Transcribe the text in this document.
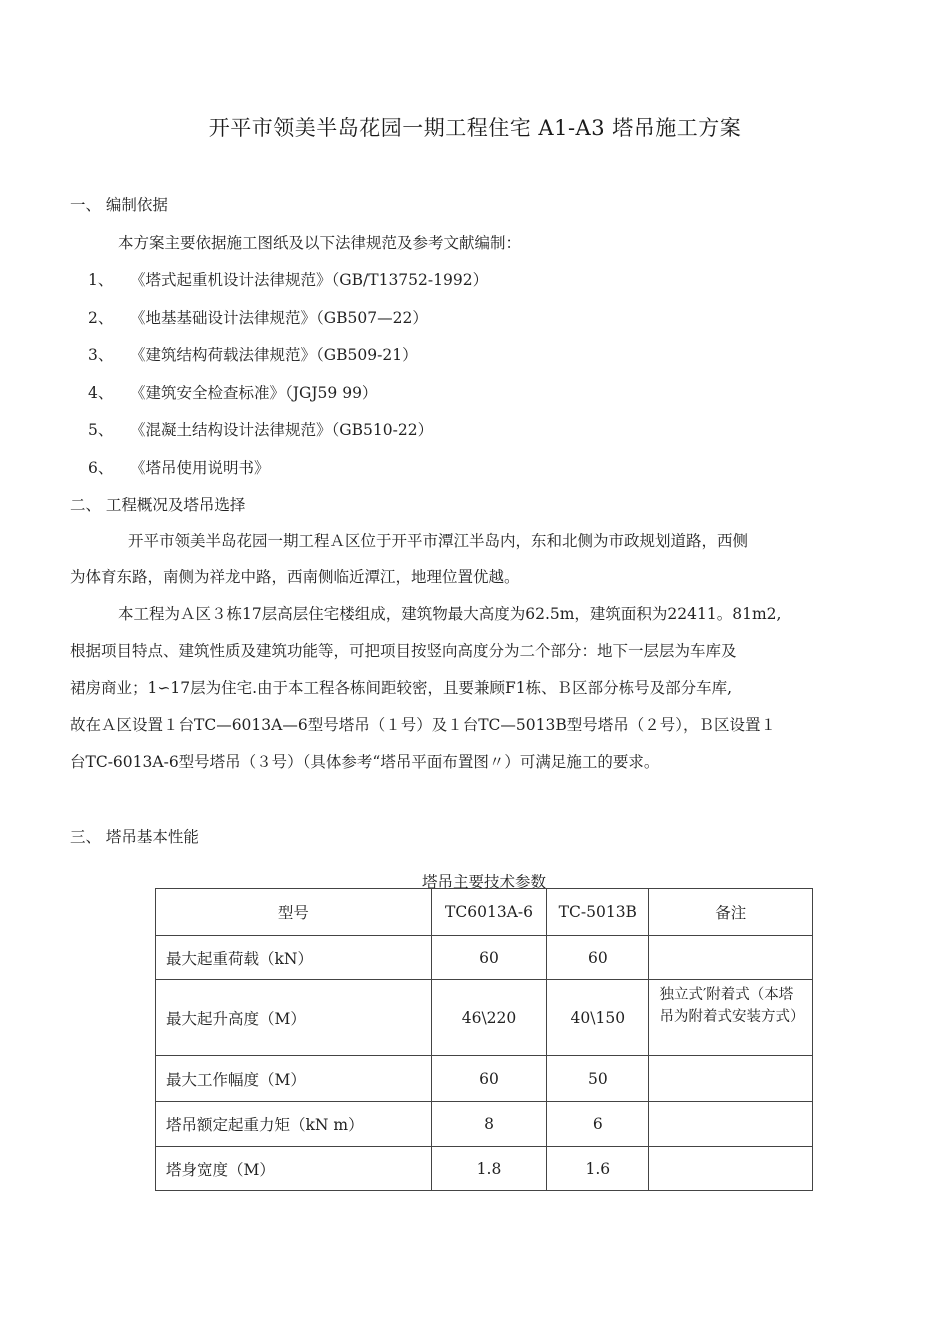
开平市领美半岛花园一期工程住宅 A1-A3 塔吊施工方案
一、 编制依据
本方案主要依据施工图纸及以下法律规范及参考文献编制：
1、 《塔式起重机设计法律规范》（GB/T13752-1992）
2、 《地基基础设计法律规范》（GB507—22）
3、 《建筑结构荷载法律规范》（GB509-21）
4、 《建筑安全检查标准》（JGJ59 99）
5、 《混凝土结构设计法律规范》（GB510-22）
6、 《塔吊使用说明书》
二、 工程概况及塔吊选择
开平市领美半岛花园一期工程Ａ区位于开平市潭江半岛内，东和北侧为市政规划道路，西侧
为体育东路，南侧为祥龙中路，西南侧临近潭江，地理位置优越。
本工程为Ａ区３栋17层高层住宅楼组成，建筑物最大高度为62.5m，建筑面积为22411。81m2,
根据项目特点、建筑性质及建筑功能等，可把项目按竖向高度分为二个部分：地下一层层为车库及
裙房商业；1∽17层为住宅.由于本工程各栋间距较密，且要兼顾F1栋、Ｂ区部分栋号及部分车库,
故在Ａ区设置１台TC—6013A—6型号塔吊（１号）及１台TC—5013B型号塔吊（２号），Ｂ区设置１
台TC-6013A-6型号塔吊（３号）（具体参考“塔吊平面布置图〃）可满足施工的要求。
三、 塔吊基本性能
塔吊主要技术参数
型号	TC6013A-6	TC-5013B	备注
最大起重荷载（kN）	60	60	
最大起升高度（M）	46\220	40\150	独立式′附着式（本塔吊为附着式安装方式）
最大工作幅度（M）	60	50	
塔吊额定起重力矩（kN m）	8	6	
塔身宽度（M）	1.8	1.6	
